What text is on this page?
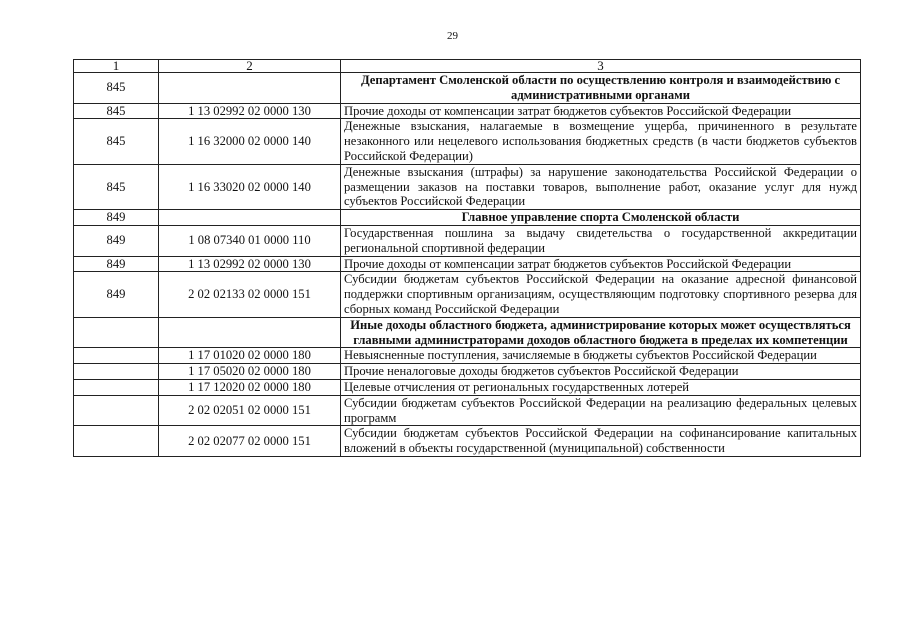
29
1	2	3
845		Департамент Смоленской области по осуществлению контроля и взаимодействию с административными органами
845	1 13 02992 02 0000 130	Прочие доходы от компенсации затрат бюджетов субъектов Российской Федерации
845	1 16 32000 02 0000 140	Денежные взыскания, налагаемые в возмещение ущерба, причиненного в результате незаконного или нецелевого использования бюджетных средств (в части бюджетов субъектов Российской Федерации)
845	1 16 33020 02 0000 140	Денежные взыскания (штрафы) за нарушение законодательства Российской Федерации о размещении заказов на поставки товаров, выполнение работ, оказание услуг для нужд субъектов Российской Федерации
849		Главное управление спорта Смоленской области
849	1 08 07340 01 0000 110	Государственная пошлина за выдачу свидетельства о государственной аккредитации региональной спортивной федерации
849	1 13 02992 02 0000 130	Прочие доходы от компенсации затрат бюджетов субъектов Российской Федерации
849	2 02 02133 02 0000 151	Субсидии бюджетам субъектов Российской Федерации на оказание адресной финансовой поддержки спортивным организациям, осуществляющим подготовку спортивного резерва для сборных команд Российской Федерации
		Иные доходы областного бюджета, администрирование которых может осуществляться главными администраторами доходов областного бюджета в пределах их компетенции
	1 17 01020 02 0000 180	Невыясненные поступления, зачисляемые в бюджеты субъектов Российской Федерации
	1 17 05020 02 0000 180	Прочие неналоговые доходы бюджетов субъектов Российской Федерации
	1 17 12020 02 0000 180	Целевые отчисления от региональных государственных лотерей
	2 02 02051 02 0000 151	Субсидии бюджетам субъектов Российской Федерации на реализацию федеральных целевых программ
	2 02 02077 02 0000 151	Субсидии бюджетам субъектов Российской Федерации на софинансирование капитальных вложений в объекты государственной (муниципальной) собственности
